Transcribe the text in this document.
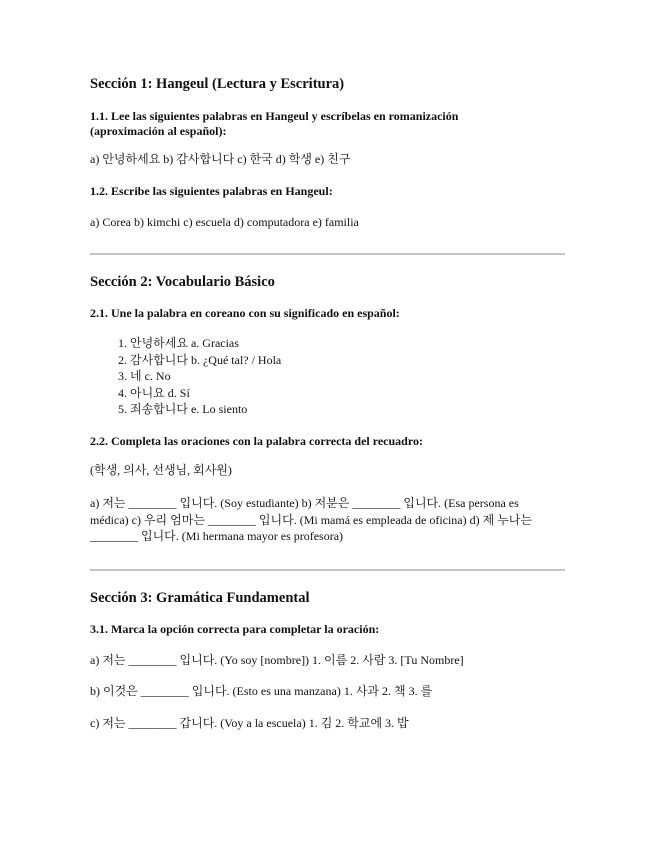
Sección 1: Hangeul (Lectura y Escritura)

1.1. Lee las siguientes palabras en Hangeul y escríbelas en romanización (aproximación al español):

a) 안녕하세요 b) 감사합니다 c) 한국 d) 학생 e) 친구

1.2. Escribe las siguientes palabras en Hangeul:

a) Corea b) kimchi c) escuela d) computadora e) familia

Sección 2: Vocabulario Básico

2.1. Une la palabra en coreano con su significado en español:

1. 안녕하세요 a. Gracias
2. 감사합니다 b. ¿Qué tal? / Hola
3. 네 c. No
4. 아니요 d. Sí
5. 죄송합니다 e. Lo siento

2.2. Completa las oraciones con la palabra correcta del recuadro:

(학생, 의사, 선생님, 회사원)

a) 저는 ________ 입니다. (Soy estudiante) b) 저분은 ________ 입니다. (Esa persona es médica) c) 우리 엄마는 ________ 입니다. (Mi mamá es empleada de oficina) d) 제 누나는 ________ 입니다. (Mi hermana mayor es profesora)

Sección 3: Gramática Fundamental

3.1. Marca la opción correcta para completar la oración:

a) 저는 ________ 입니다. (Yo soy [nombre]) 1. 이름 2. 사람 3. [Tu Nombre]

b) 이것은 ________ 입니다. (Esto es una manzana) 1. 사과 2. 책 3. 를

c) 저는 ________ 갑니다. (Voy a la escuela) 1. 김 2. 학교에 3. 밥
